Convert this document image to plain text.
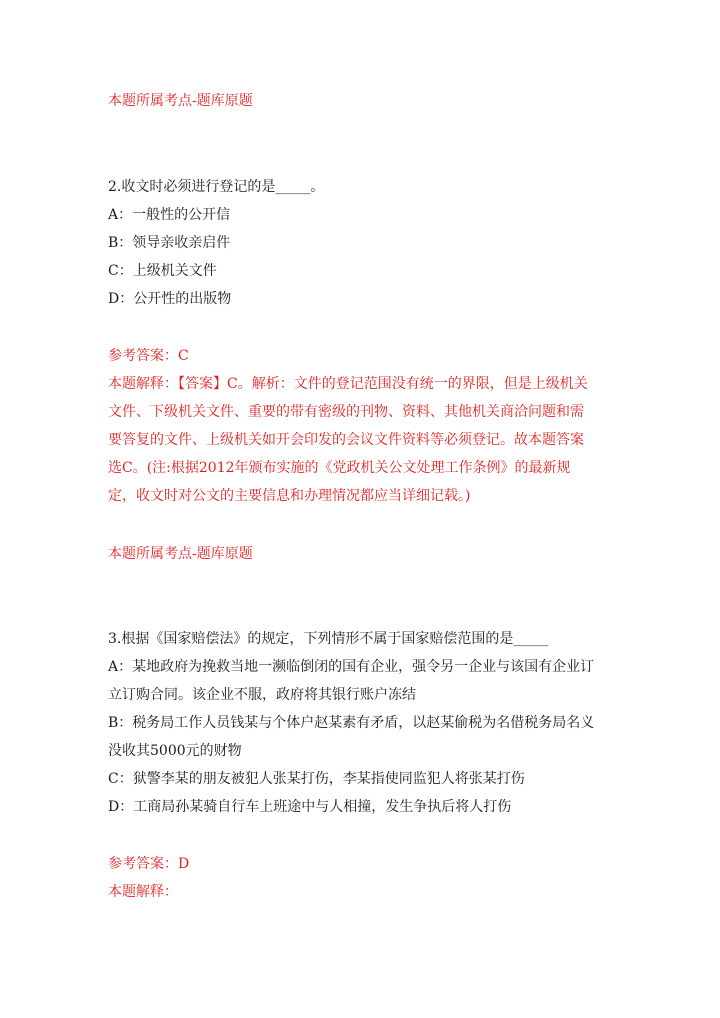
本题所属考点-题库原题
2.收文时必须进行登记的是_____。
A：一般性的公开信
B：领导亲收亲启件
C：上级机关文件
D：公开性的出版物
参考答案：C
本题解释：【答案】C。解析：文件的登记范围没有统一的界限，但是上级机关
文件、下级机关文件、重要的带有密级的刊物、资料、其他机关商洽问题和需
要答复的文件、上级机关如开会印发的会议文件资料等必须登记。故本题答案
选C。(注:根据2012年颁布实施的《党政机关公文处理工作条例》的最新规
定，收文时对公文的主要信息和办理情况都应当详细记载。)
本题所属考点-题库原题
3.根据《国家赔偿法》的规定，下列情形不属于国家赔偿范围的是_____
A：某地政府为挽救当地一濒临倒闭的国有企业，强令另一企业与该国有企业订
立订购合同。该企业不服，政府将其银行账户冻结
B：税务局工作人员钱某与个体户赵某素有矛盾，以赵某偷税为名借税务局名义
没收其5000元的财物
C：狱警李某的朋友被犯人张某打伤，李某指使同监犯人将张某打伤
D：工商局孙某骑自行车上班途中与人相撞，发生争执后将人打伤
参考答案：D
本题解释：
